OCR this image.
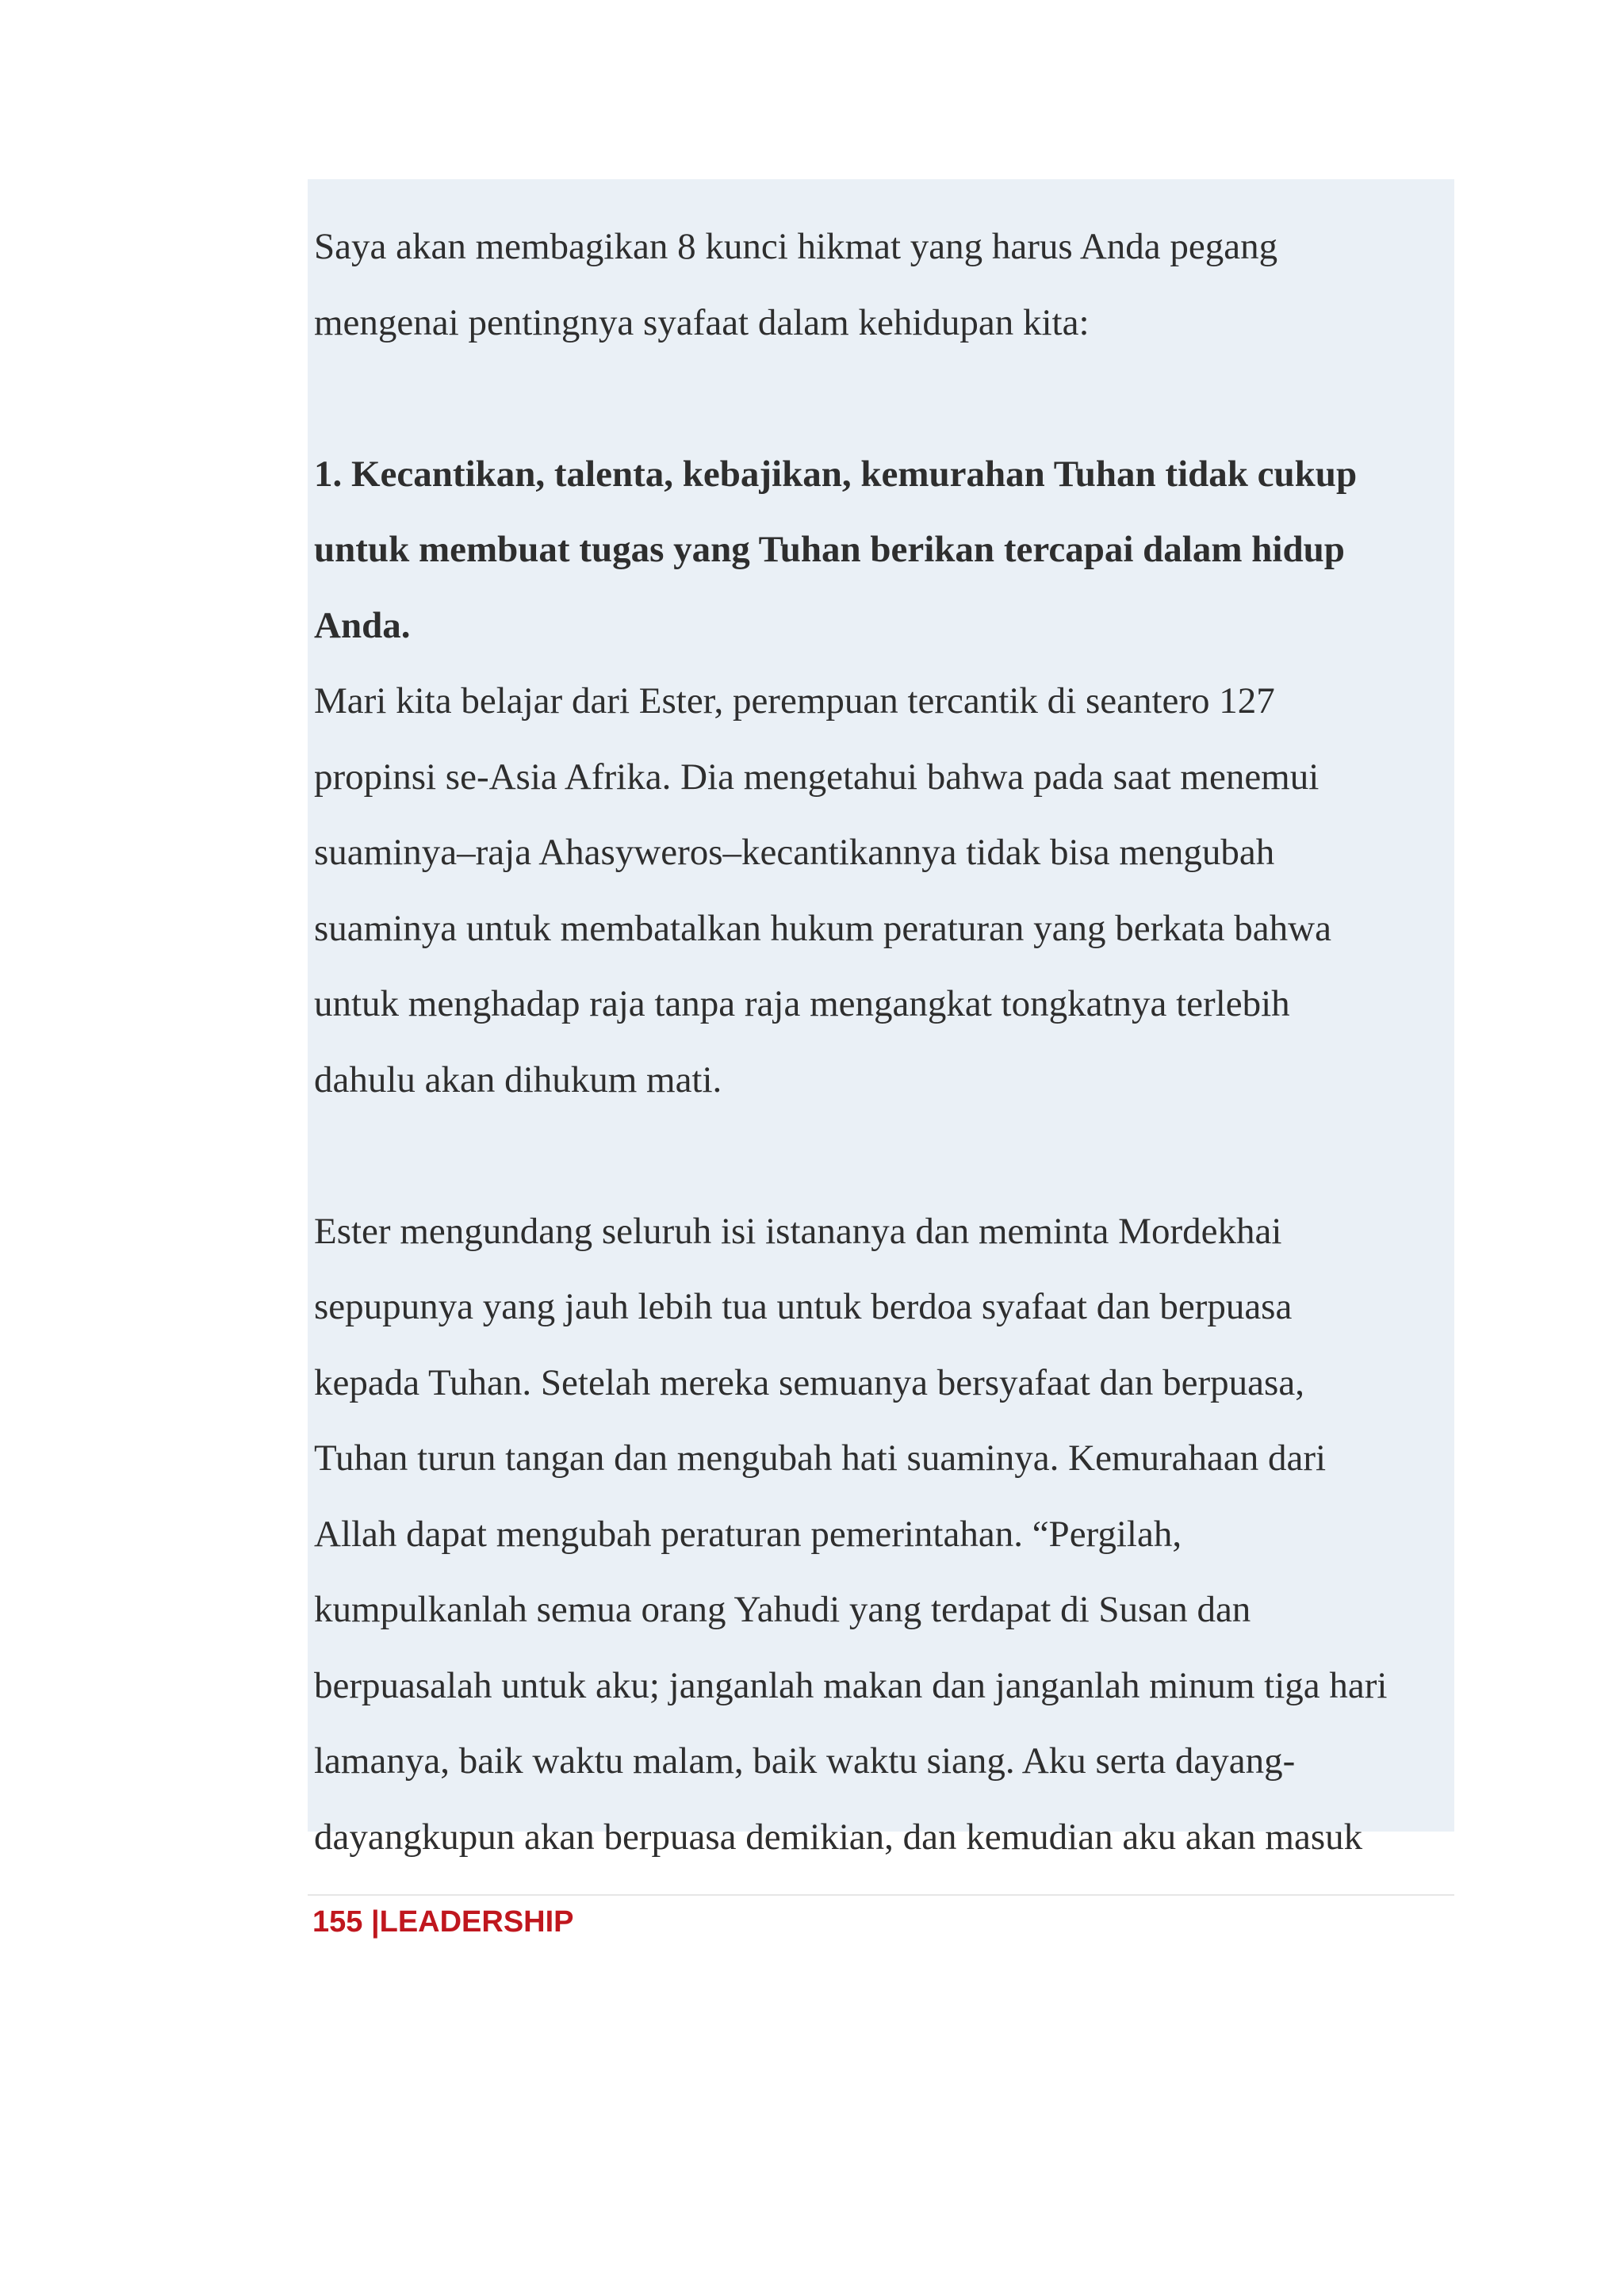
Saya akan membagikan 8 kunci hikmat yang harus Anda pegang
mengenai pentingnya syafaat dalam kehidupan kita:
1. Kecantikan, talenta, kebajikan, kemurahan Tuhan tidak cukup
untuk membuat tugas yang Tuhan berikan tercapai dalam hidup
Anda.
Mari kita belajar dari Ester, perempuan tercantik di seantero 127
propinsi se-Asia Afrika. Dia mengetahui bahwa pada saat menemui
suaminya–raja Ahasyweros–kecantikannya tidak bisa mengubah
suaminya untuk membatalkan hukum peraturan yang berkata bahwa
untuk menghadap raja tanpa raja mengangkat tongkatnya terlebih
dahulu akan dihukum mati.
Ester mengundang seluruh isi istananya dan meminta Mordekhai
sepupunya yang jauh lebih tua untuk berdoa syafaat dan berpuasa
kepada Tuhan. Setelah mereka semuanya bersyafaat dan berpuasa,
Tuhan turun tangan dan mengubah hati suaminya. Kemurahaan dari
Allah dapat mengubah peraturan pemerintahan. “Pergilah,
kumpulkanlah semua orang Yahudi yang terdapat di Susan dan
berpuasalah untuk aku; janganlah makan dan janganlah minum tiga hari
lamanya, baik waktu malam, baik waktu siang. Aku serta dayang-
dayangkupun akan berpuasa demikian, dan kemudian aku akan masuk
155 |LEADERSHIP
